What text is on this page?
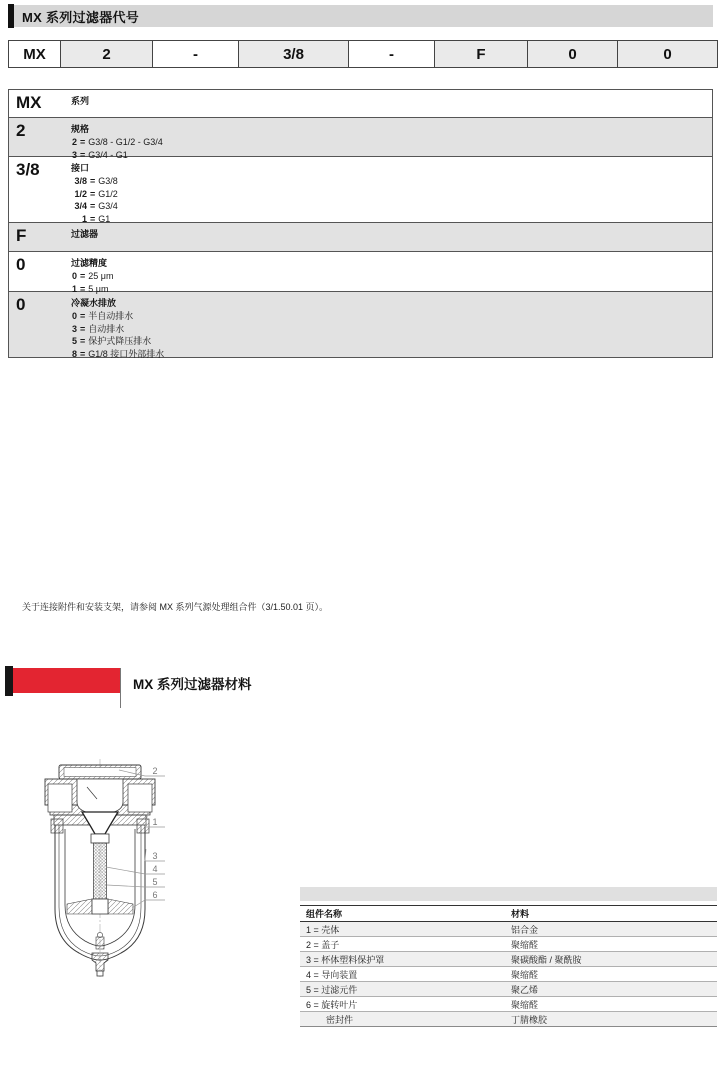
MX 系列过滤器代号
MX	2	-	3/8	-	F	0	0
MX	系列
2	规格
2 = G3/8 - G1/2 - G3/4
3 = G3/4 - G1
3/8	接口
3/8 = G3/8
1/2 = G1/2
3/4 = G3/4
1 = G1
F	过滤器
0	过滤精度
0 = 25 μm
1 = 5 μm
0	冷凝水排放
0 = 半自动排水
3 = 自动排水
5 = 保护式降压排水
8 = G1/8 接口外部排水
关于连接附件和安装支架，请参阅 MX 系列气源处理组合件（3/1.50.01 页）。
MX 系列过滤器材料
2
1
3
4
5
6
组件名称	材料
1 = 壳体	铝合金
2 = 盖子	聚缩醛
3 = 杯体塑料保护罩	聚碳酸酯 / 聚酰胺
4 = 导向装置	聚缩醛
5 = 过滤元件	聚乙烯
6 = 旋转叶片	聚缩醛
密封件	丁腈橡胶
